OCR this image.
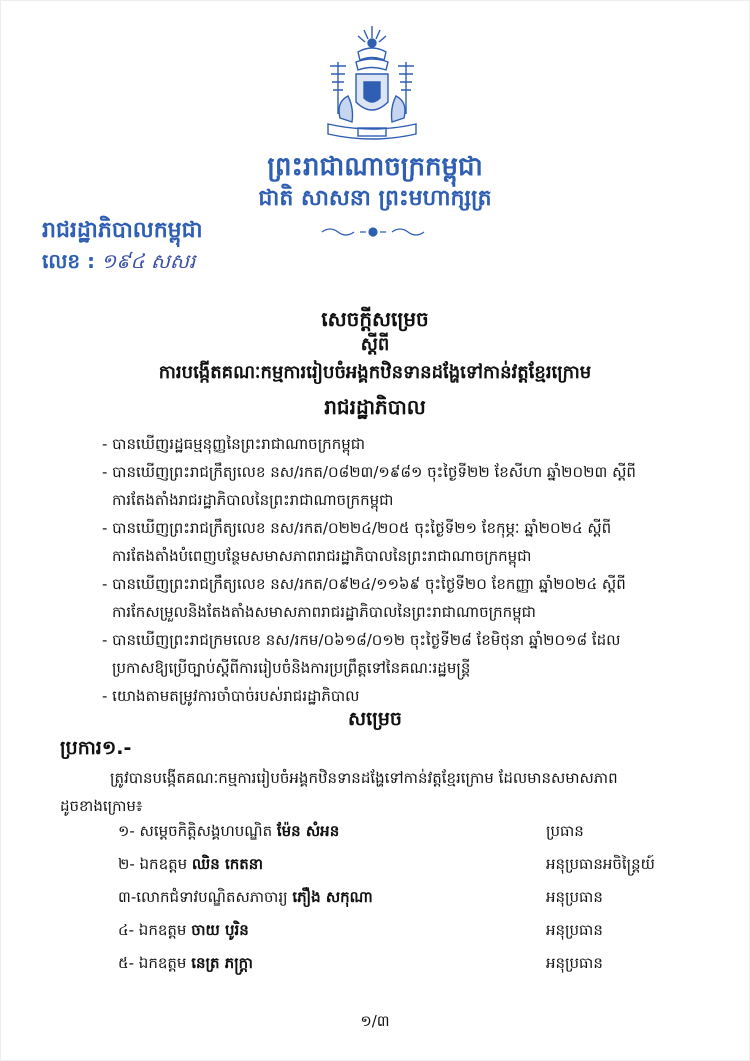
ព្រះរាជាណាចក្រកម្ពុជា
ជាតិ សាសនា ព្រះមហាក្សត្រ
រាជរដ្ឋាភិបាលកម្ពុជា
លេខ : ១៩៤ សសរ
សេចក្តីសម្រេច
ស្តីពី
ការបង្កើតគណៈកម្មការរៀបចំអង្គកឋិនទានដង្ហែទៅកាន់វត្តខ្មែរក្រោម
រាជរដ្ឋាភិបាល
- បានឃើញរដ្ឋធម្មនុញ្ញនៃព្រះរាជាណាចក្រកម្ពុជា
- បានឃើញព្រះរាជក្រឹត្យលេខ នស/រកត/០៨២៣/១៩៨១ ចុះថ្ងៃទី២២ ខែសីហា ឆ្នាំ២០២៣ ស្តីពី
ការតែងតាំងរាជរដ្ឋាភិបាលនៃព្រះរាជាណាចក្រកម្ពុជា
- បានឃើញព្រះរាជក្រឹត្យលេខ នស/រកត/០២២៤/២០៥ ចុះថ្ងៃទី២១ ខែកុម្ភៈ ឆ្នាំ២០២៤ ស្តីពី
ការតែងតាំងបំពេញបន្ថែមសមាសភាពរាជរដ្ឋាភិបាលនៃព្រះរាជាណាចក្រកម្ពុជា
- បានឃើញព្រះរាជក្រឹត្យលេខ នស/រកត/០៩២៤/១១៦៩ ចុះថ្ងៃទី២០ ខែកញ្ញា ឆ្នាំ២០២៤ ស្តីពី
ការកែសម្រួលនិងតែងតាំងសមាសភាពរាជរដ្ឋាភិបាលនៃព្រះរាជាណាចក្រកម្ពុជា
- បានឃើញព្រះរាជក្រមលេខ នស/រកម/០៦១៨/០១២ ចុះថ្ងៃទី២៨ ខែមិថុនា ឆ្នាំ២០១៨ ដែល
ប្រកាសឱ្យប្រើច្បាប់ស្តីពីការរៀបចំនិងការប្រព្រឹត្តទៅនៃគណៈរដ្ឋមន្ត្រី
- យោងតាមតម្រូវការចាំបាច់របស់រាជរដ្ឋាភិបាល
សម្រេច
ប្រការ១.-
ត្រូវបានបង្កើតគណៈកម្មការរៀបចំអង្គកឋិនទានដង្ហែទៅកាន់វត្តខ្មែរក្រោម ដែលមានសមាសភាព
ដូចខាងក្រោម៖
១- សម្តេចកិត្តិសង្គហបណ្ឌិត ម៉ែន សំអន	ប្រធាន
២- ឯកឧត្តម ឈិន កេតនា	អនុប្រធានអចិន្ត្រៃយ៍
៣-លោកជំទាវបណ្ឌិតសភាចារ្យ ភឿង សកុណា	អនុប្រធាន
៤- ឯកឧត្តម ចាយ បូរិន	អនុប្រធាន
៥- ឯកឧត្តម នេត្រ ភក្ត្រា	អនុប្រធាន
១/៣
